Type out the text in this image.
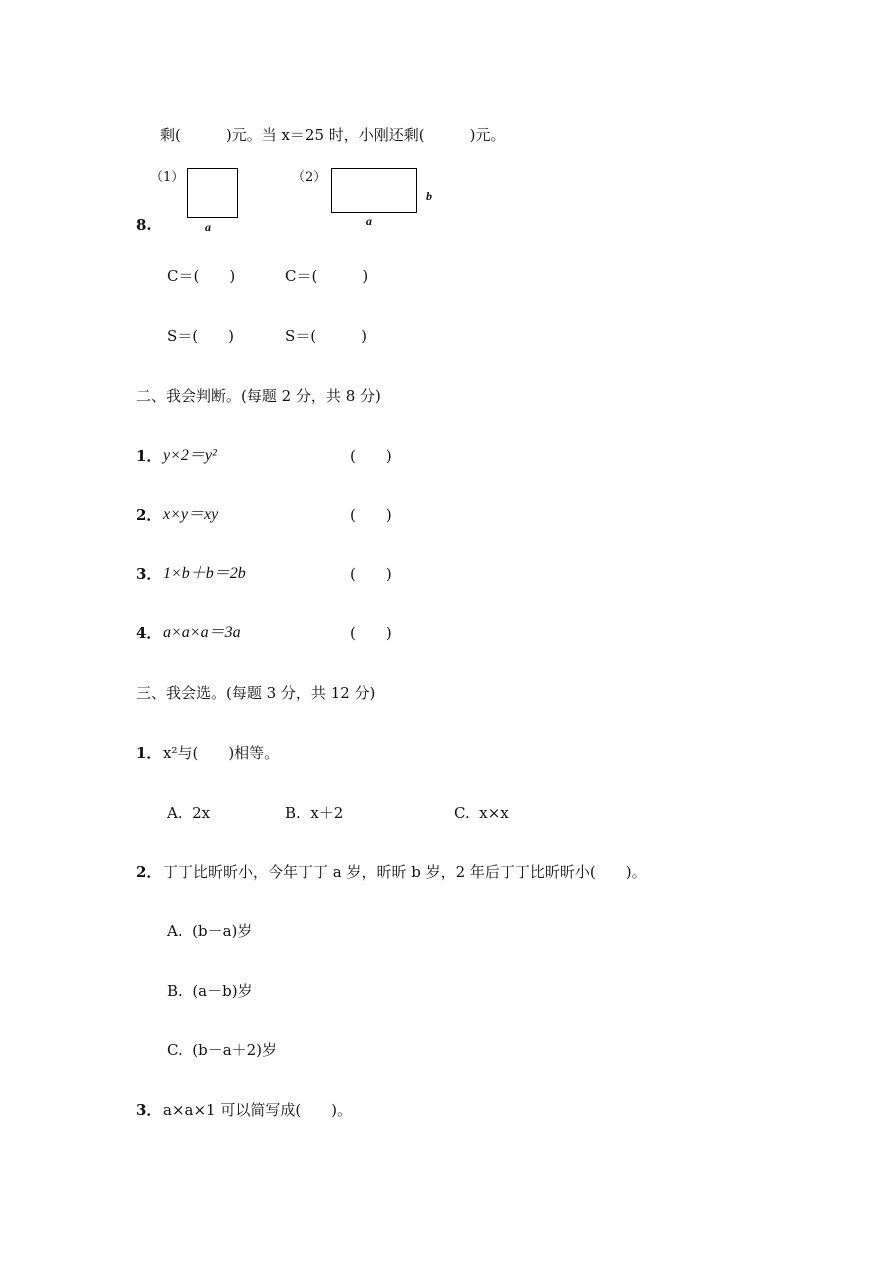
剩(　　　)元。当 x＝25 时，小刚还剩(　　　)元。
（1）
a
（2）
a
b
8.
C＝(　　)	C＝(　　　)
S＝(　　)	S＝(　　　)
二、我会判断。(每题 2 分，共 8 分)
1． y×2＝y²	(　　)
2． x×y＝xy	(　　)
3． 1×b＋b＝2b	(　　)
4． a×a×a＝3a	(　　)
三、我会选。(每题 3 分，共 12 分)
1． x²与(　　)相等。
A.  2x	B.  x＋2	C.  x×x
2． 丁丁比昕昕小，今年丁丁 a 岁，昕昕 b 岁，2 年后丁丁比昕昕小(　　)。
A.  (b－a)岁
B.  (a－b)岁
C.  (b－a＋2)岁
3． a×a×1 可以简写成(　　)。
